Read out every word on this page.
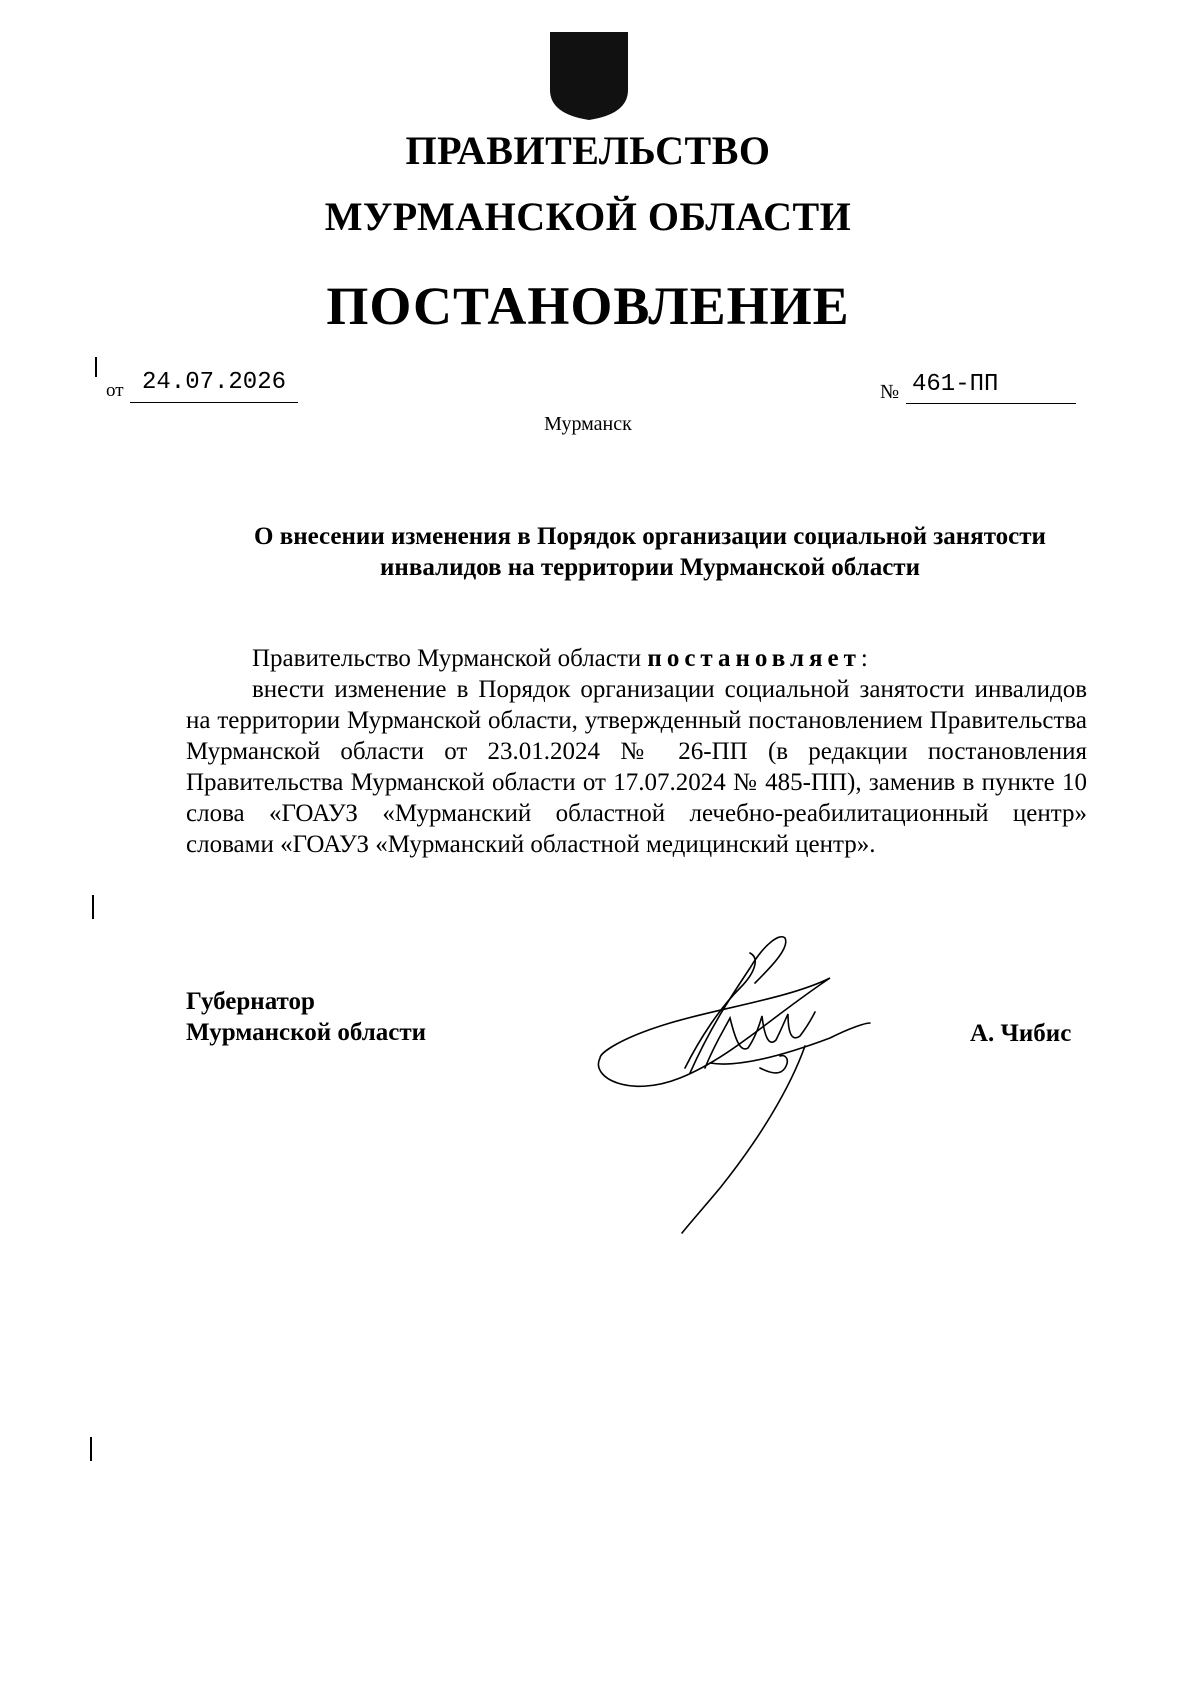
ПРАВИТЕЛЬСТВО
МУРМАНСКОЙ ОБЛАСТИ
ПОСТАНОВЛЕНИЕ
от 24.07.2026	№ 461-ПП
Мурманск
О внесении изменения в Порядок организации социальной занятости
инвалидов на территории Мурманской области

Правительство Мурманской области постановляет:

внести изменение в Порядок организации социальной занятости инвалидов на территории Мурманской области, утвержденный постановлением Правительства Мурманской области от 23.01.2024 № 26-ПП (в редакции постановления Правительства Мурманской области от 17.07.2024 № 485-ПП), заменив в пункте 10 слова «ГОАУЗ «Мурманский областной лечебно-реабилитационный центр» словами «ГОАУЗ «Мурманский областной медицинский центр».

Губернатор
Мурманской области	А. Чибис
